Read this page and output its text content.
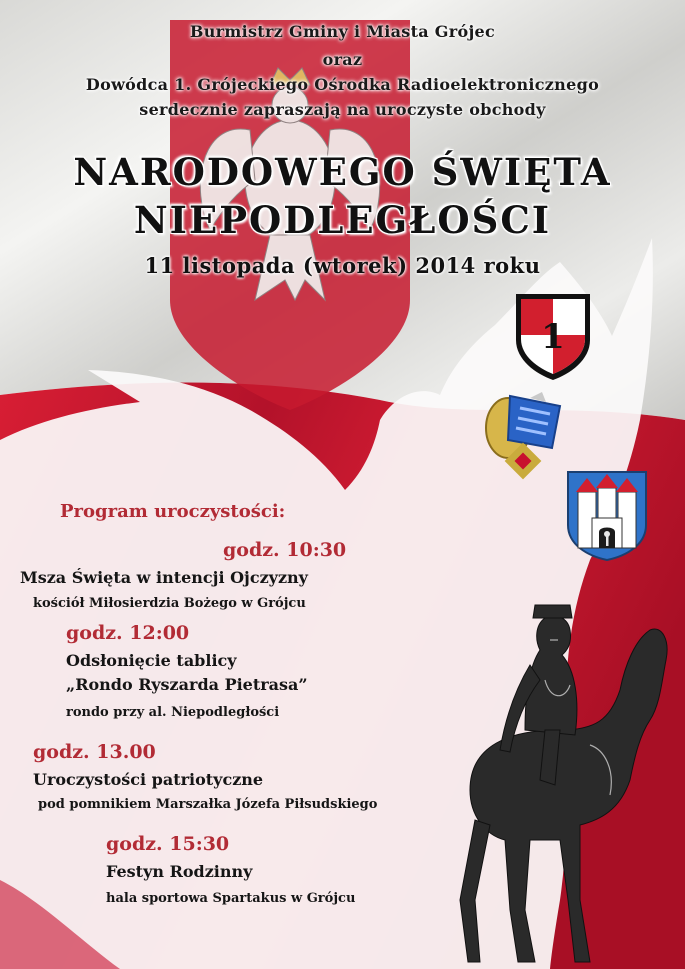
Burmistrz Gminy i Miasta Grójec
oraz
Dowódca 1. Grójeckiego Ośrodka Radioelektronicznego
serdecznie zapraszają na uroczyste obchody
NARODOWEGO ŚWIĘTA
NIEPODLEGŁOŚCI
11 listopada (wtorek) 2014 roku
1
Program uroczystości:
godz. 10:30
Msza Święta w intencji Ojczyzny
kościół Miłosierdzia Bożego w Grójcu
godz. 12:00
Odsłonięcie tablicy
„Rondo Ryszarda Pietrasa”
rondo przy al. Niepodległości
godz. 13.00
Uroczystości patriotyczne
pod pomnikiem Marszałka Józefa Piłsudskiego
godz. 15:30
Festyn Rodzinny
hala sportowa Spartakus w Grójcu
